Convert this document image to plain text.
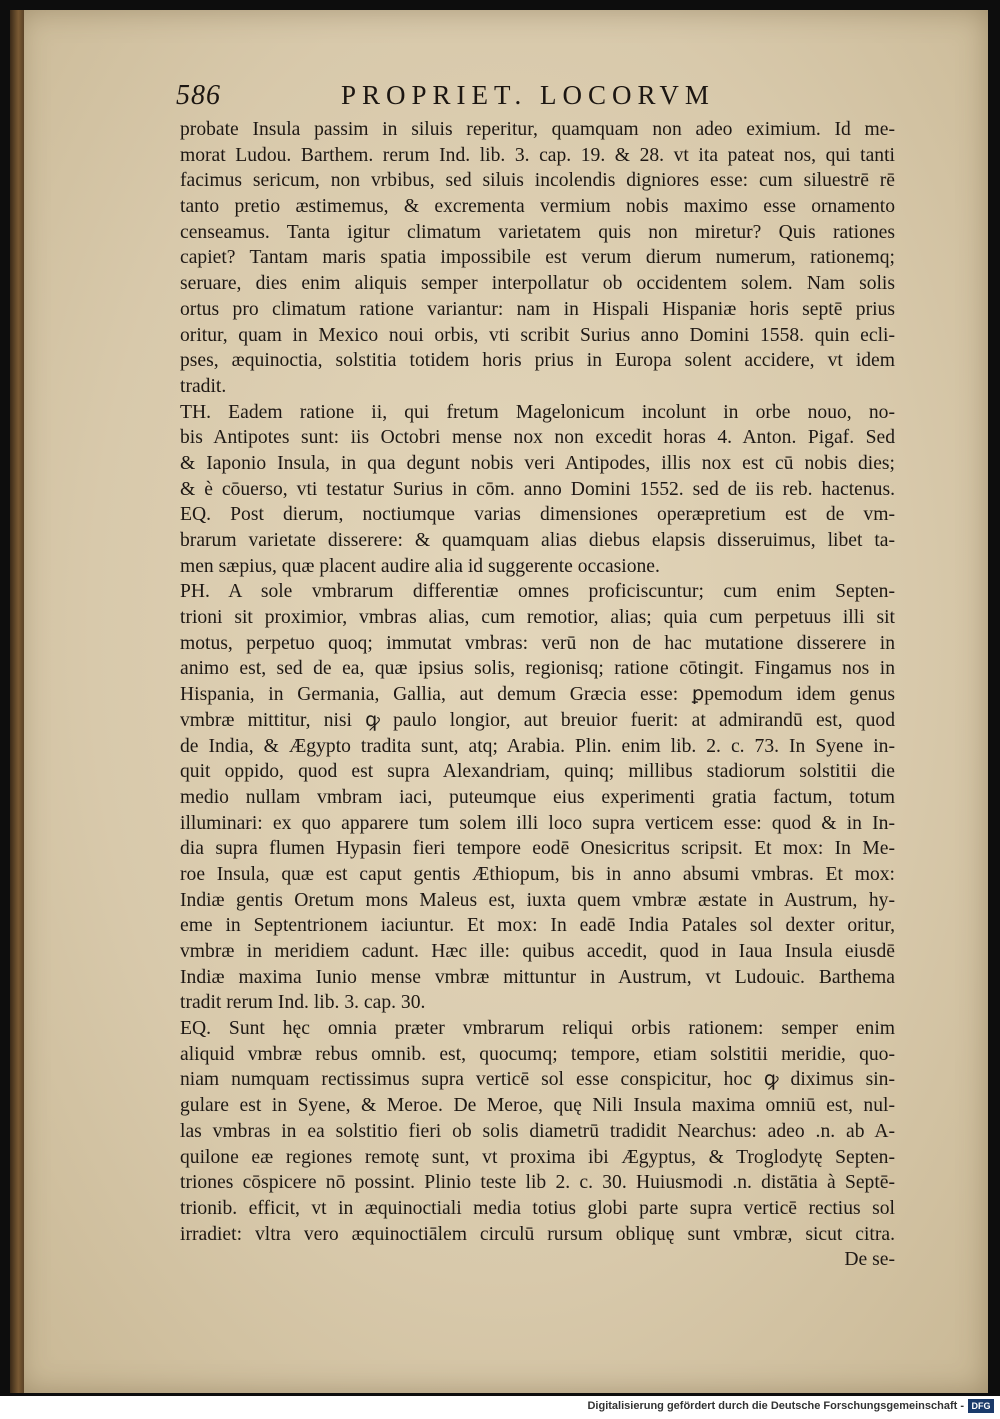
586	PROPRIET. LOCORVM
probate Insula passim in siluis reperitur, quamquam non adeo eximium. Id me-
morat Ludou. Barthem. rerum Ind. lib. 3. cap. 19. & 28. vt ita pateat nos, qui tanti
facimus sericum, non vrbibus, sed siluis incolendis digniores esse: cum siluestrē rē
tanto pretio æstimemus, & excrementa vermium nobis maximo esse ornamento
censeamus. Tanta igitur climatum varietatem quis non miretur? Quis rationes
capiet? Tantam maris spatia impossibile est verum dierum numerum, rationemq;
seruare, dies enim aliquis semper interpollatur ob occidentem solem. Nam solis
ortus pro climatum ratione variantur: nam in Hispali Hispaniæ horis septē prius
oritur, quam in Mexico noui orbis, vti scribit Surius anno Domini 1558. quin ecli-
pses, æquinoctia, solstitia totidem horis prius in Europa solent accidere, vt idem
tradit.
TH. Eadem ratione ii, qui fretum Magelonicum incolunt in orbe nouo, no-
bis Antipotes sunt: iis Octobri mense nox non excedit horas 4. Anton. Pigaf. Sed
& Iaponio Insula, in qua degunt nobis veri Antipodes, illis nox est cū nobis dies;
& è cōuerso, vti testatur Surius in cōm. anno Domini 1552. sed de iis reb. hactenus.
EQ. Post dierum, noctiumque varias dimensiones operæpretium est de vm-
brarum varietate disserere: & quamquam alias diebus elapsis disseruimus, libet ta-
men sæpius, quæ placent audire alia id suggerente occasione.
PH. A sole vmbrarum differentiæ omnes proficiscuntur; cum enim Septen-
trioni sit proximior, vmbras alias, cum remotior, alias; quia cum perpetuus illi sit
motus, perpetuo quoq; immutat vmbras: verū non de hac mutatione disserere in
animo est, sed de ea, quæ ipsius solis, regionisq; ratione cōtingit. Fingamus nos in
Hispania, in Germania, Gallia, aut demum Græcia esse: ꝑpemodum idem genus
vmbræ mittitur, nisi ꝙ paulo longior, aut breuior fuerit: at admirandū est, quod
de India, & Ægypto tradita sunt, atq; Arabia. Plin. enim lib. 2. c. 73. In Syene in-
quit oppido, quod est supra Alexandriam, quinq; millibus stadiorum solstitii die
medio nullam vmbram iaci, puteumque eius experimenti gratia factum, totum
illuminari: ex quo apparere tum solem illi loco supra verticem esse: quod & in In-
dia supra flumen Hypasin fieri tempore eodē Onesicritus scripsit. Et mox: In Me-
roe Insula, quæ est caput gentis Æthiopum, bis in anno absumi vmbras. Et mox:
Indiæ gentis Oretum mons Maleus est, iuxta quem vmbræ æstate in Austrum, hy-
eme in Septentrionem iaciuntur. Et mox: In eadē India Patales sol dexter oritur,
vmbræ in meridiem cadunt. Hæc ille: quibus accedit, quod in Iaua Insula eiusdē
Indiæ maxima Iunio mense vmbræ mittuntur in Austrum, vt Ludouic. Barthema
tradit rerum Ind. lib. 3. cap. 30.
EQ. Sunt hęc omnia præter vmbrarum reliqui orbis rationem: semper enim
aliquid vmbræ rebus omnib. est, quocumq; tempore, etiam solstitii meridie, quo-
niam numquam rectissimus supra verticē sol esse conspicitur, hoc ꝙ diximus sin-
gulare est in Syene, & Meroe. De Meroe, quę Nili Insula maxima omniū est, nul-
las vmbras in ea solstitio fieri ob solis diametrū tradidit Nearchus: adeo .n. ab A-
quilone eæ regiones remotę sunt, vt proxima ibi Ægyptus, & Troglodytę Septen-
triones cōspicere nō possint. Plinio teste lib 2. c. 30. Huiusmodi .n. distātia à Septē-
trionib. efficit, vt in æquinoctiali media totius globi parte supra verticē rectius sol
irradiet: vltra vero æquinoctiālem circulū rursum obliquę sunt vmbræ, sicut citra.
De se-
Digitalisierung gefördert durch die Deutsche Forschungsgemeinschaft - DFG
